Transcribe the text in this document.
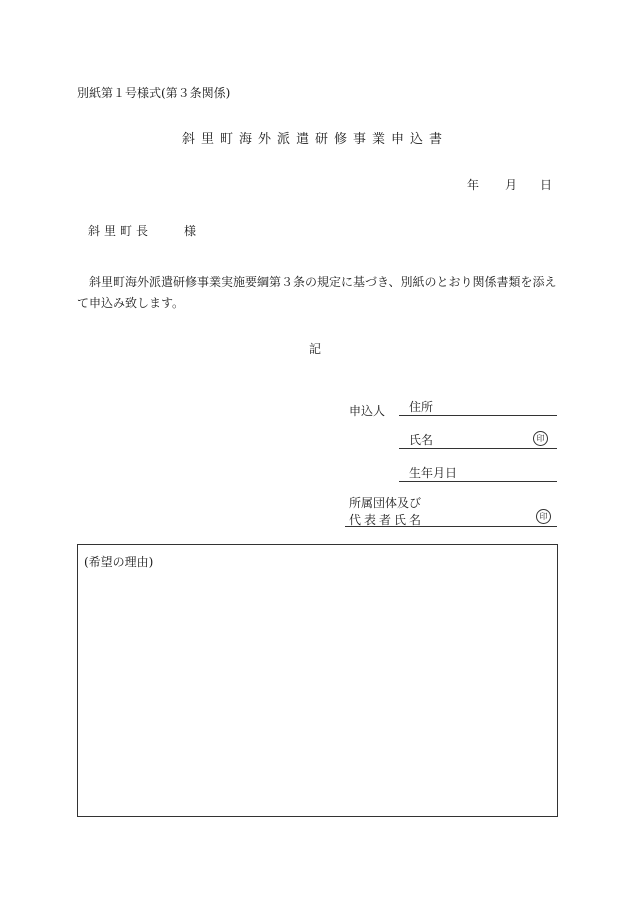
別紙第１号様式(第３条関係)
斜里町海外派遣研修事業申込書
年 月 日
斜里町長	様

斜里町海外派遣研修事業実施要綱第３条の規定に基づき、別紙のとおり関係書類を添えて申込み致します。

記
申込人 住所
氏名	印
生年月日
所属団体及び
代表者氏名	印
(希望の理由)
